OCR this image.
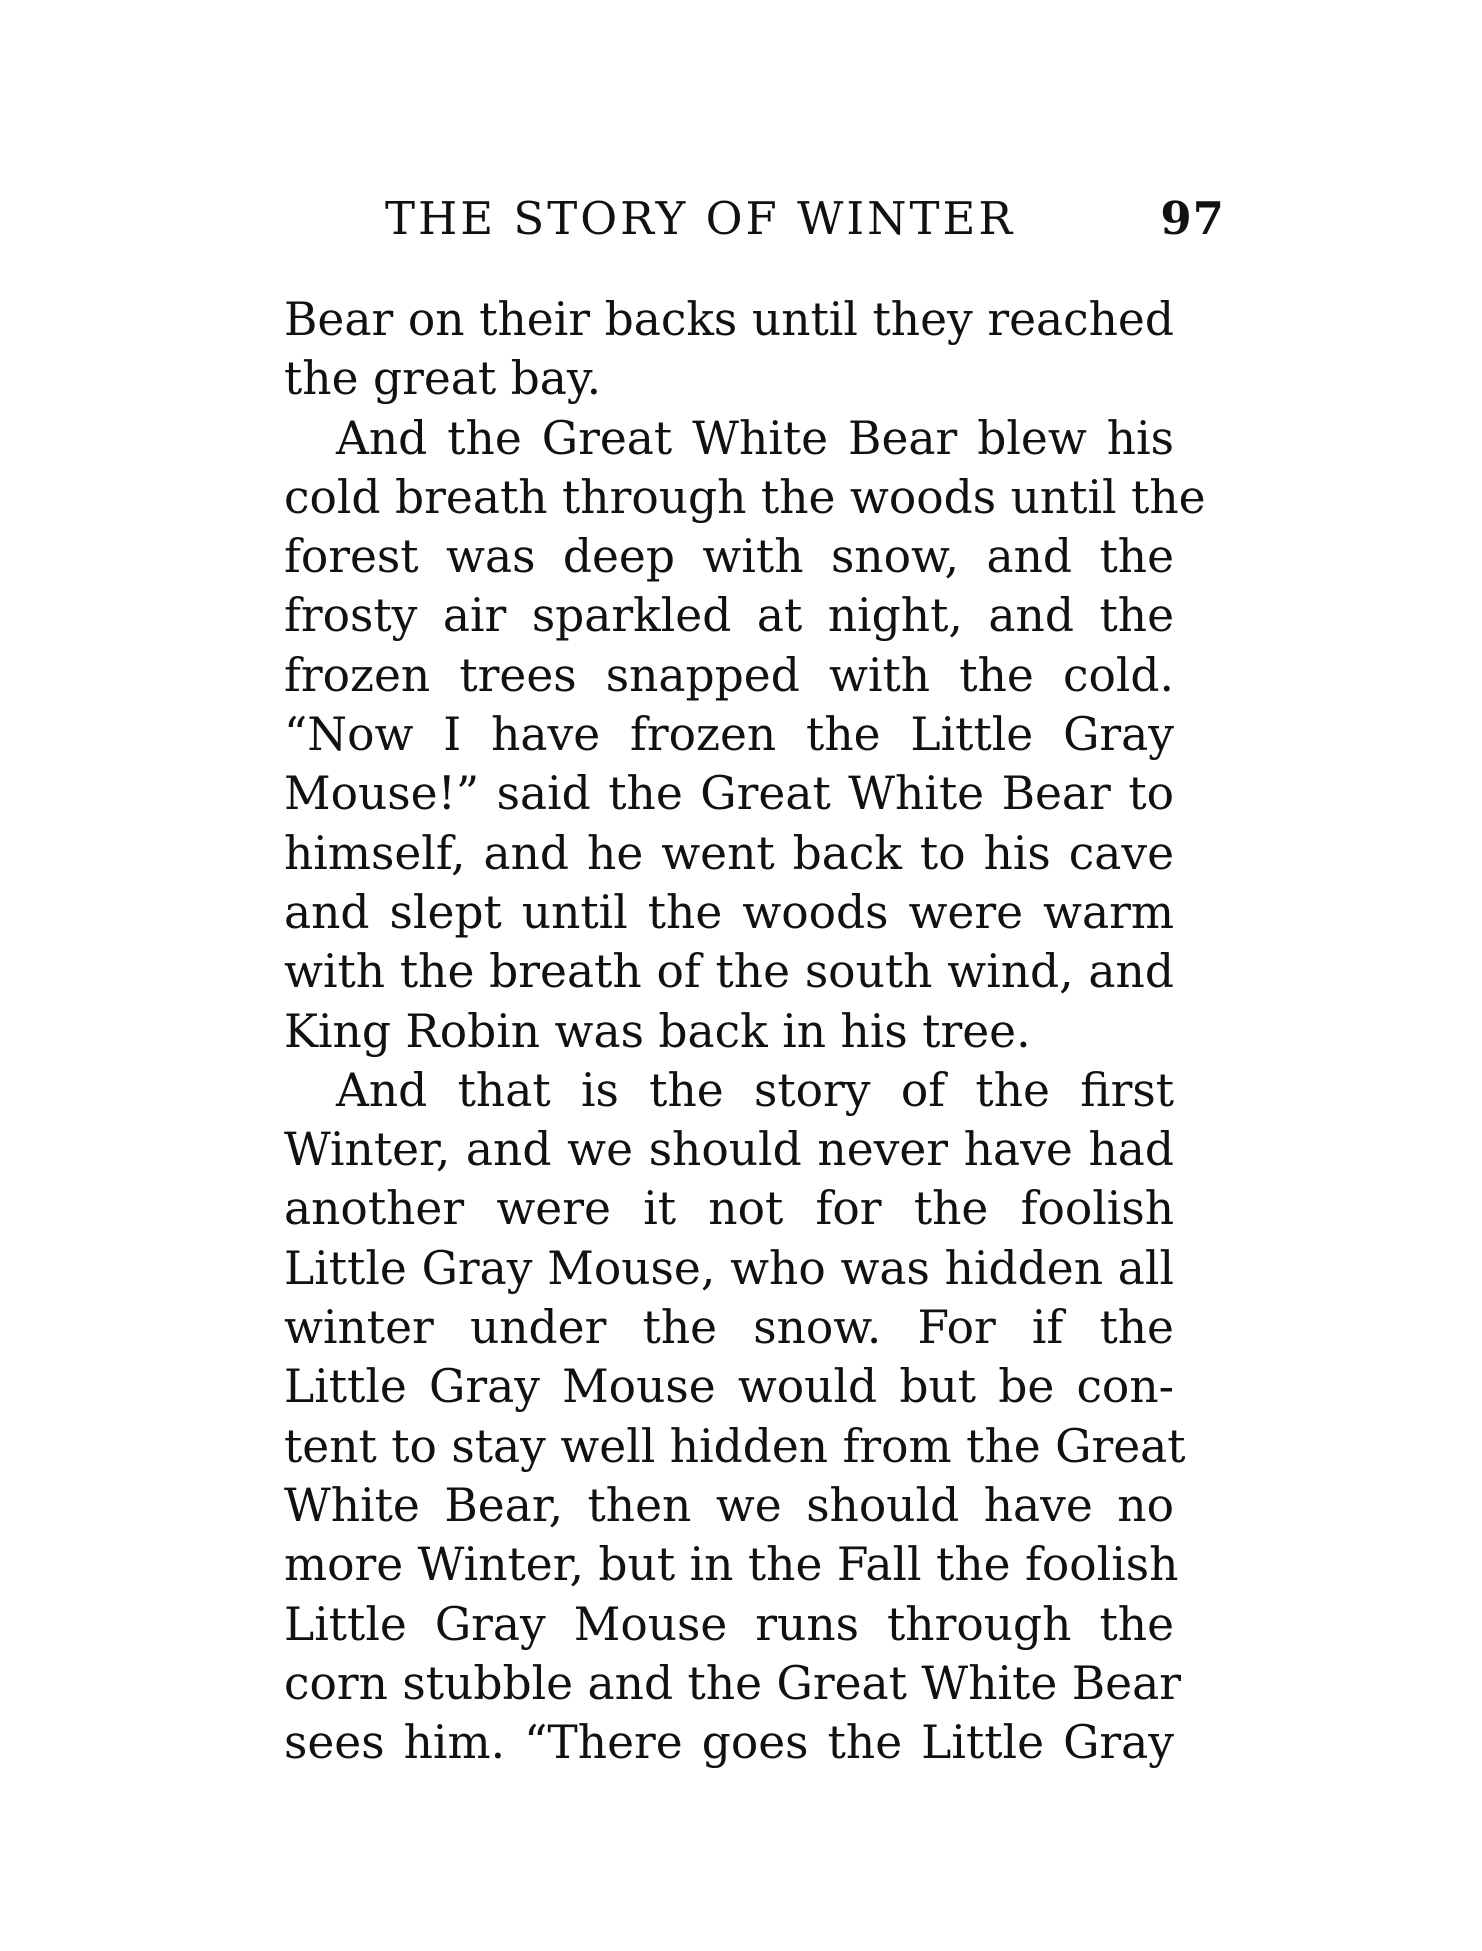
THE STORY OF WINTER	97
Bear on their backs until they reached
the great bay.
And the Great White Bear blew his
cold breath through the woods until the
forest was deep with snow, and the
frosty air sparkled at night, and the
frozen trees snapped with the cold.
“Now I have frozen the Little Gray
Mouse!” said the Great White Bear to
himself, and he went back to his cave
and slept until the woods were warm
with the breath of the south wind, and
King Robin was back in his tree.
And that is the story of the first
Winter, and we should never have had
another were it not for the foolish
Little Gray Mouse, who was hidden all
winter under the snow. For if the
Little Gray Mouse would but be con-
tent to stay well hidden from the Great
White Bear, then we should have no
more Winter, but in the Fall the foolish
Little Gray Mouse runs through the
corn stubble and the Great White Bear
sees him. “There goes the Little Gray
